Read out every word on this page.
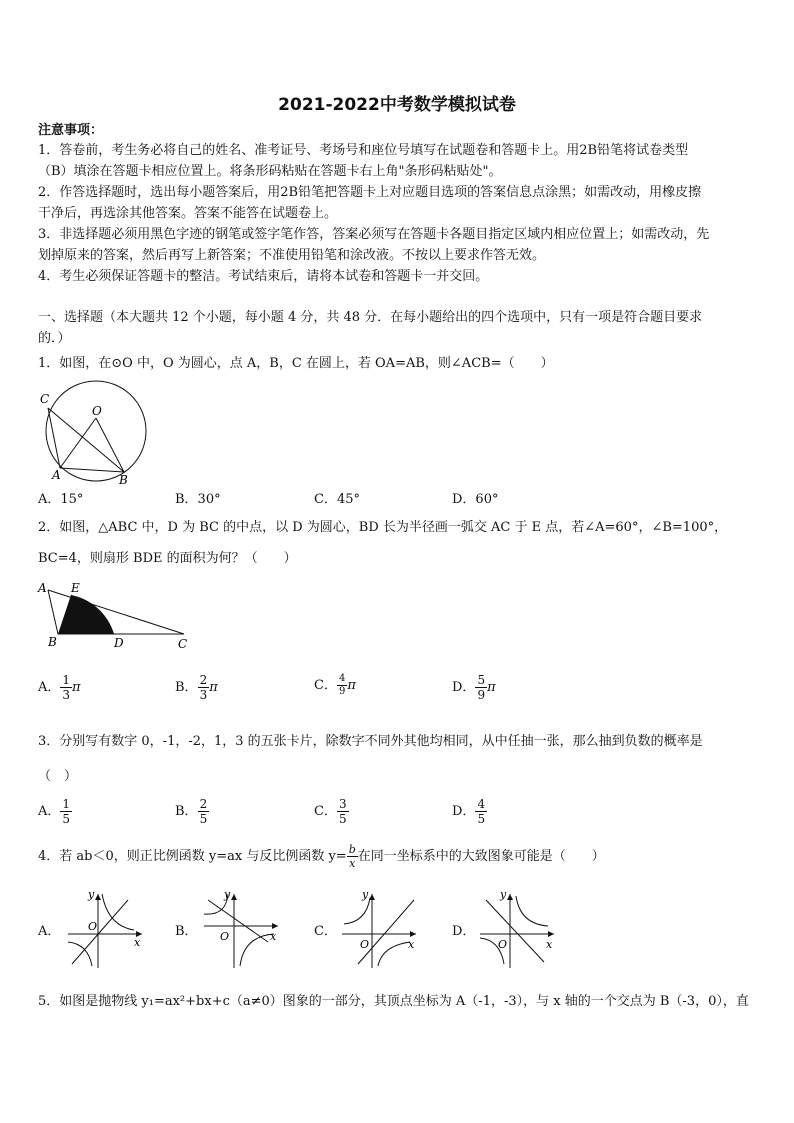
2021-2022中考数学模拟试卷
注意事项：
1．答卷前，考生务必将自己的姓名、准考证号、考场号和座位号填写在试题卷和答题卡上。用2B铅笔将试卷类型
（B）填涂在答题卡相应位置上。将条形码粘贴在答题卡右上角"条形码粘贴处"。
2．作答选择题时，选出每小题答案后，用2B铅笔把答题卡上对应题目选项的答案信息点涂黑；如需改动，用橡皮擦
干净后，再选涂其他答案。答案不能答在试题卷上。
3．非选择题必须用黑色字迹的钢笔或签字笔作答，答案必须写在答题卡各题目指定区域内相应位置上；如需改动，先
划掉原来的答案，然后再写上新答案；不准使用铅笔和涂改液。不按以上要求作答无效。
4．考生必须保证答题卡的整洁。考试结束后，请将本试卷和答题卡一并交回。
一、选择题（本大题共 12 个小题，每小题 4 分，共 48 分．在每小题给出的四个选项中，只有一项是符合题目要求
的．）
1．如图，在⊙O 中，O 为圆心，点 A，B，C 在圆上，若 OA=AB，则∠ACB=（　　）
C
O
A	B
A．15°	B．30°	C．45°	D．60°
2．如图，△ABC 中，D 为 BC 的中点，以 D 为圆心，BD 长为半径画一弧交 AC 于 E 点，若∠A=60°，∠B=100°，
BC=4，则扇形 BDE 的面积为何？（　　）
A E
B	D	C
A． $\frac{1}{3}$ π	B． $\frac{2}{3}$ π	C． $\frac{4}{9}$ π	D． $\frac{5}{9}$ π
3．分别写有数字 0，-1，-2，1，3 的五张卡片，除数字不同外其他均相同，从中任抽一张，那么抽到负数的概率是
（　）
A． $\frac{1}{5}$	B． $\frac{2}{5}$	C． $\frac{3}{5}$	D． $\frac{4}{5}$
4．若 ab＜0，则正比例函数 y=ax 与反比例函数 $y= \frac{b}{x}$ 在同一坐标系中的大致图象可能是（　　）
A．
y
O
x
B．
y
O	x	C．
y
O	x
D．
y
O	x
5．如图是抛物线 y₁=ax²+bx+c（a≠0）图象的一部分，其顶点坐标为 A（-1，-3），与 x 轴的一个交点为 B（-3，0），直
